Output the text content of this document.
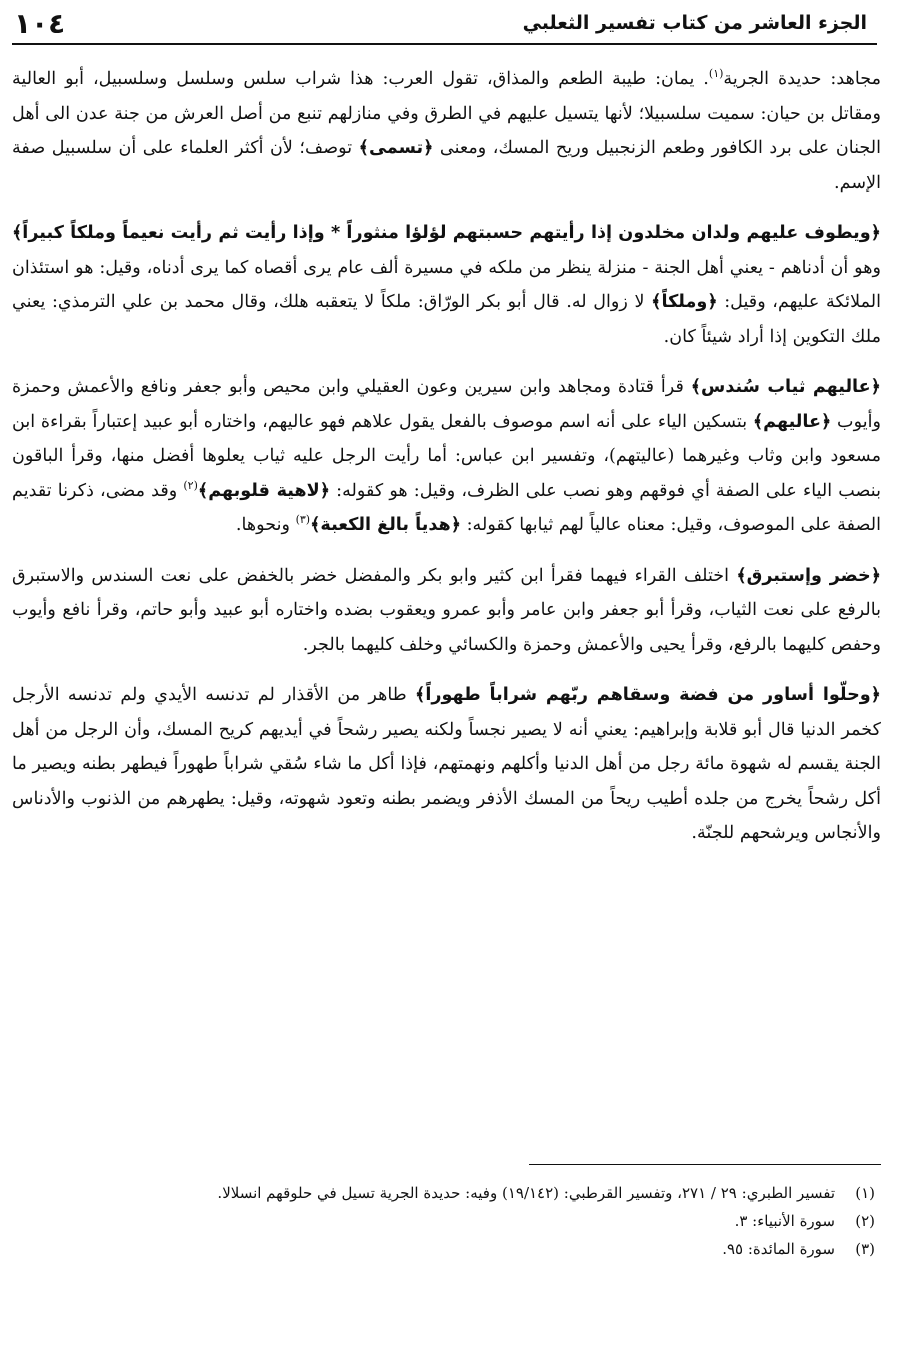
الجزء العاشر من كتاب تفسير الثعلبي
١٠٤

مجاهد: حديدة الجرية$^{(١)}$. يمان: طيبة الطعم والمذاق، تقول العرب: هذا شراب سلس وسلسل وسلسبيل، أبو العالية ومقاتل بن حيان: سميت سلسبيلا؛ لأنها يتسيل عليهم في الطرق وفي منازلهم تنبع من أصل العرش من جنة عدن الى أهل الجنان على برد الكافور وطعم الزنجبيل وريح المسك، ومعنى ﴿تسمى﴾ توصف؛ لأن أكثر العلماء على أن سلسبيل صفة الإسم.

﴿ويطوف عليهم ولدان مخلدون إذا رأيتهم حسبتهم لؤلؤا منثوراً * وإذا رأيت ثم رأيت نعيماً وملكاً كبيراً﴾ وهو أن أدناهم - يعني أهل الجنة - منزلة ينظر من ملكه في مسيرة ألف عام يرى أقصاه كما يرى أدناه، وقيل: هو استئذان الملائكة عليهم، وقيل: ﴿وملكاً﴾ لا زوال له. قال أبو بكر الورّاق: ملكاً لا يتعقبه هلك، وقال محمد بن علي الترمذي: يعني ملك التكوين إذا أراد شيئاً كان.

﴿عاليهم ثياب سُندس﴾ قرأ قتادة ومجاهد وابن سيرين وعون العقيلي وابن محيص وأبو جعفر ونافع والأعمش وحمزة وأيوب ﴿عاليهم﴾ بتسكين الياء على أنه اسم موصوف بالفعل يقول علاهم فهو عاليهم، واختاره أبو عبيد إعتباراً بقراءة ابن مسعود وابن وثاب وغيرهما (عاليتهم)، وتفسير ابن عباس: أما رأيت الرجل عليه ثياب يعلوها أفضل منها، وقرأ الباقون بنصب الياء على الصفة أي فوقهم وهو نصب على الظرف، وقيل: هو كقوله: ﴿لاهية قلوبهم﴾$^{(٢)}$ وقد مضى، ذكرنا تقديم الصفة على الموصوف، وقيل: معناه عالياً لهم ثيابها كقوله: ﴿هدياً بالغ الكعبة﴾$^{(٣)}$ ونحوها.

﴿خضر وإستبرق﴾ اختلف القراء فيهما فقرأ ابن كثير وابو بكر والمفضل خضر بالخفض على نعت السندس والاستبرق بالرفع على نعت الثياب، وقرأ أبو جعفر وابن عامر وأبو عمرو ويعقوب بضده واختاره أبو عبيد وأبو حاتم، وقرأ نافع وأيوب وحفص كليهما بالرفع، وقرأ يحيى والأعمش وحمزة والكسائي وخلف كليهما بالجر.

﴿وحلّوا أساور من فضة وسقاهم ربّهم شراباً طهوراً﴾ طاهر من الأقذار لم تدنسه الأيدي ولم تدنسه الأرجل كخمر الدنيا قال أبو قلابة وإبراهيم: يعني أنه لا يصير نجساً ولكنه يصير رشحاً في أيديهم كريح المسك، وأن الرجل من أهل الجنة يقسم له شهوة مائة رجل من أهل الدنيا وأكلهم ونهمتهم، فإذا أكل ما شاء سُقي شراباً طهوراً فيطهر بطنه ويصير ما أكل رشحاً يخرج من جلده أطيب ريحاً من المسك الأذفر ويضمر بطنه وتعود شهوته، وقيل: يطهرهم من الذنوب والأدناس والأنجاس ويرشحهم للجنّة.

(١)
تفسير الطبري: ٢٩ / ٢٧١، وتفسير القرطبي: (١٩/١٤٢) وفيه: حديدة الجرية تسيل في حلوقهم انسلالا.
(٢)
سورة الأنبياء: ٣.
(٣)
سورة المائدة: ٩٥.
